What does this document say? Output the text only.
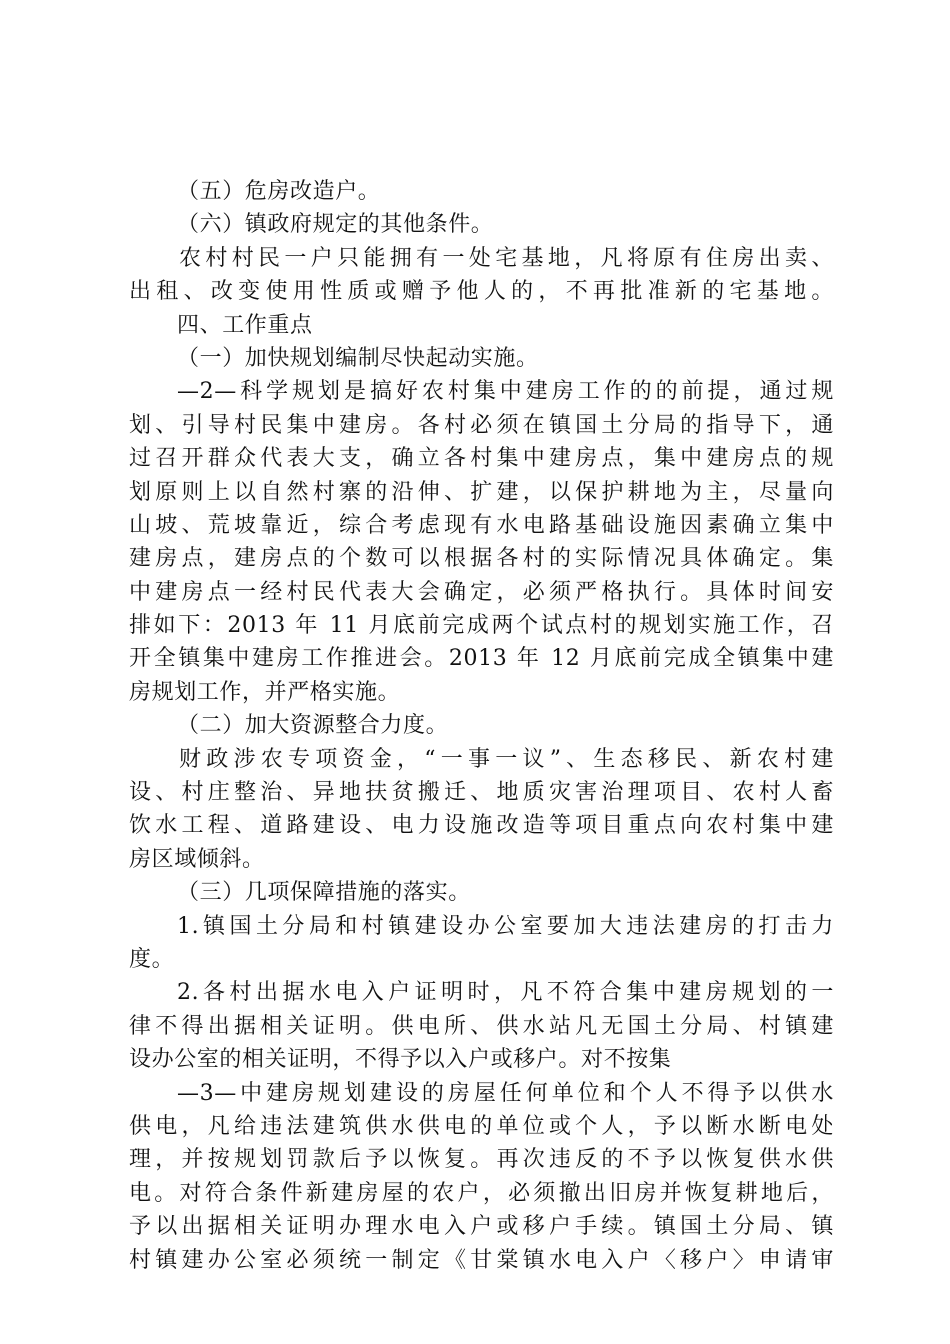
（五）危房改造户。
（六）镇政府规定的其他条件。
农村村民一户只能拥有一处宅基地，凡将原有住房出卖、
出租、改变使用性质或赠予他人的，不再批准新的宅基地。
四、工作重点
（一）加快规划编制尽快起动实施。
—2—科学规划是搞好农村集中建房工作的的前提，通过规
划、引导村民集中建房。各村必须在镇国土分局的指导下，通
过召开群众代表大支，确立各村集中建房点，集中建房点的规
划原则上以自然村寨的沿伸、扩建，以保护耕地为主，尽量向
山坡、荒坡靠近，综合考虑现有水电路基础设施因素确立集中
建房点，建房点的个数可以根据各村的实际情况具体确定。集
中建房点一经村民代表大会确定，必须严格执行。具体时间安
排如下：2013 年 11 月底前完成两个试点村的规划实施工作，召
开全镇集中建房工作推进会。2013 年 12 月底前完成全镇集中建
房规划工作，并严格实施。
（二）加大资源整合力度。
财政涉农专项资金，“一事一议”、生态移民、新农村建
设、村庄整治、异地扶贫搬迁、地质灾害治理项目、农村人畜
饮水工程、道路建设、电力设施改造等项目重点向农村集中建
房区域倾斜。
（三）几项保障措施的落实。
1.镇国土分局和村镇建设办公室要加大违法建房的打击力
度。
2.各村出据水电入户证明时，凡不符合集中建房规划的一
律不得出据相关证明。供电所、供水站凡无国土分局、村镇建
设办公室的相关证明，不得予以入户或移户。对不按集
—3—中建房规划建设的房屋任何单位和个人不得予以供水
供电，凡给违法建筑供水供电的单位或个人，予以断水断电处
理，并按规划罚款后予以恢复。再次违反的不予以恢复供水供
电。对符合条件新建房屋的农户，必须撤出旧房并恢复耕地后，
予以出据相关证明办理水电入户或移户手续。镇国土分局、镇
村镇建办公室必须统一制定《甘棠镇水电入户〈移户〉申请审
